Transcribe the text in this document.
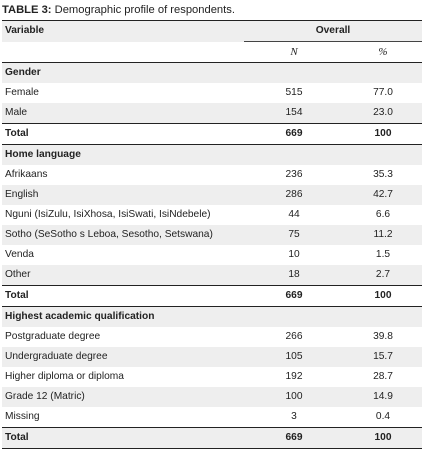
TABLE 3: Demographic profile of respondents.
Variable	Overall	
	N	%
Gender		
Female	515	77.0
Male	154	23.0
Total	669	100
Home language		
Afrikaans	236	35.3
English	286	42.7
Nguni (IsiZulu, IsiXhosa, IsiSwati, IsiNdebele)	44	6.6
Sotho (SeSotho s Leboa, Sesotho, Setswana)	75	11.2
Venda	10	1.5
Other	18	2.7
Total	669	100
Highest academic qualification		
Postgraduate degree	266	39.8
Undergraduate degree	105	15.7
Higher diploma or diploma	192	28.7
Grade 12 (Matric)	100	14.9
Missing	3	0.4
Total	669	100
